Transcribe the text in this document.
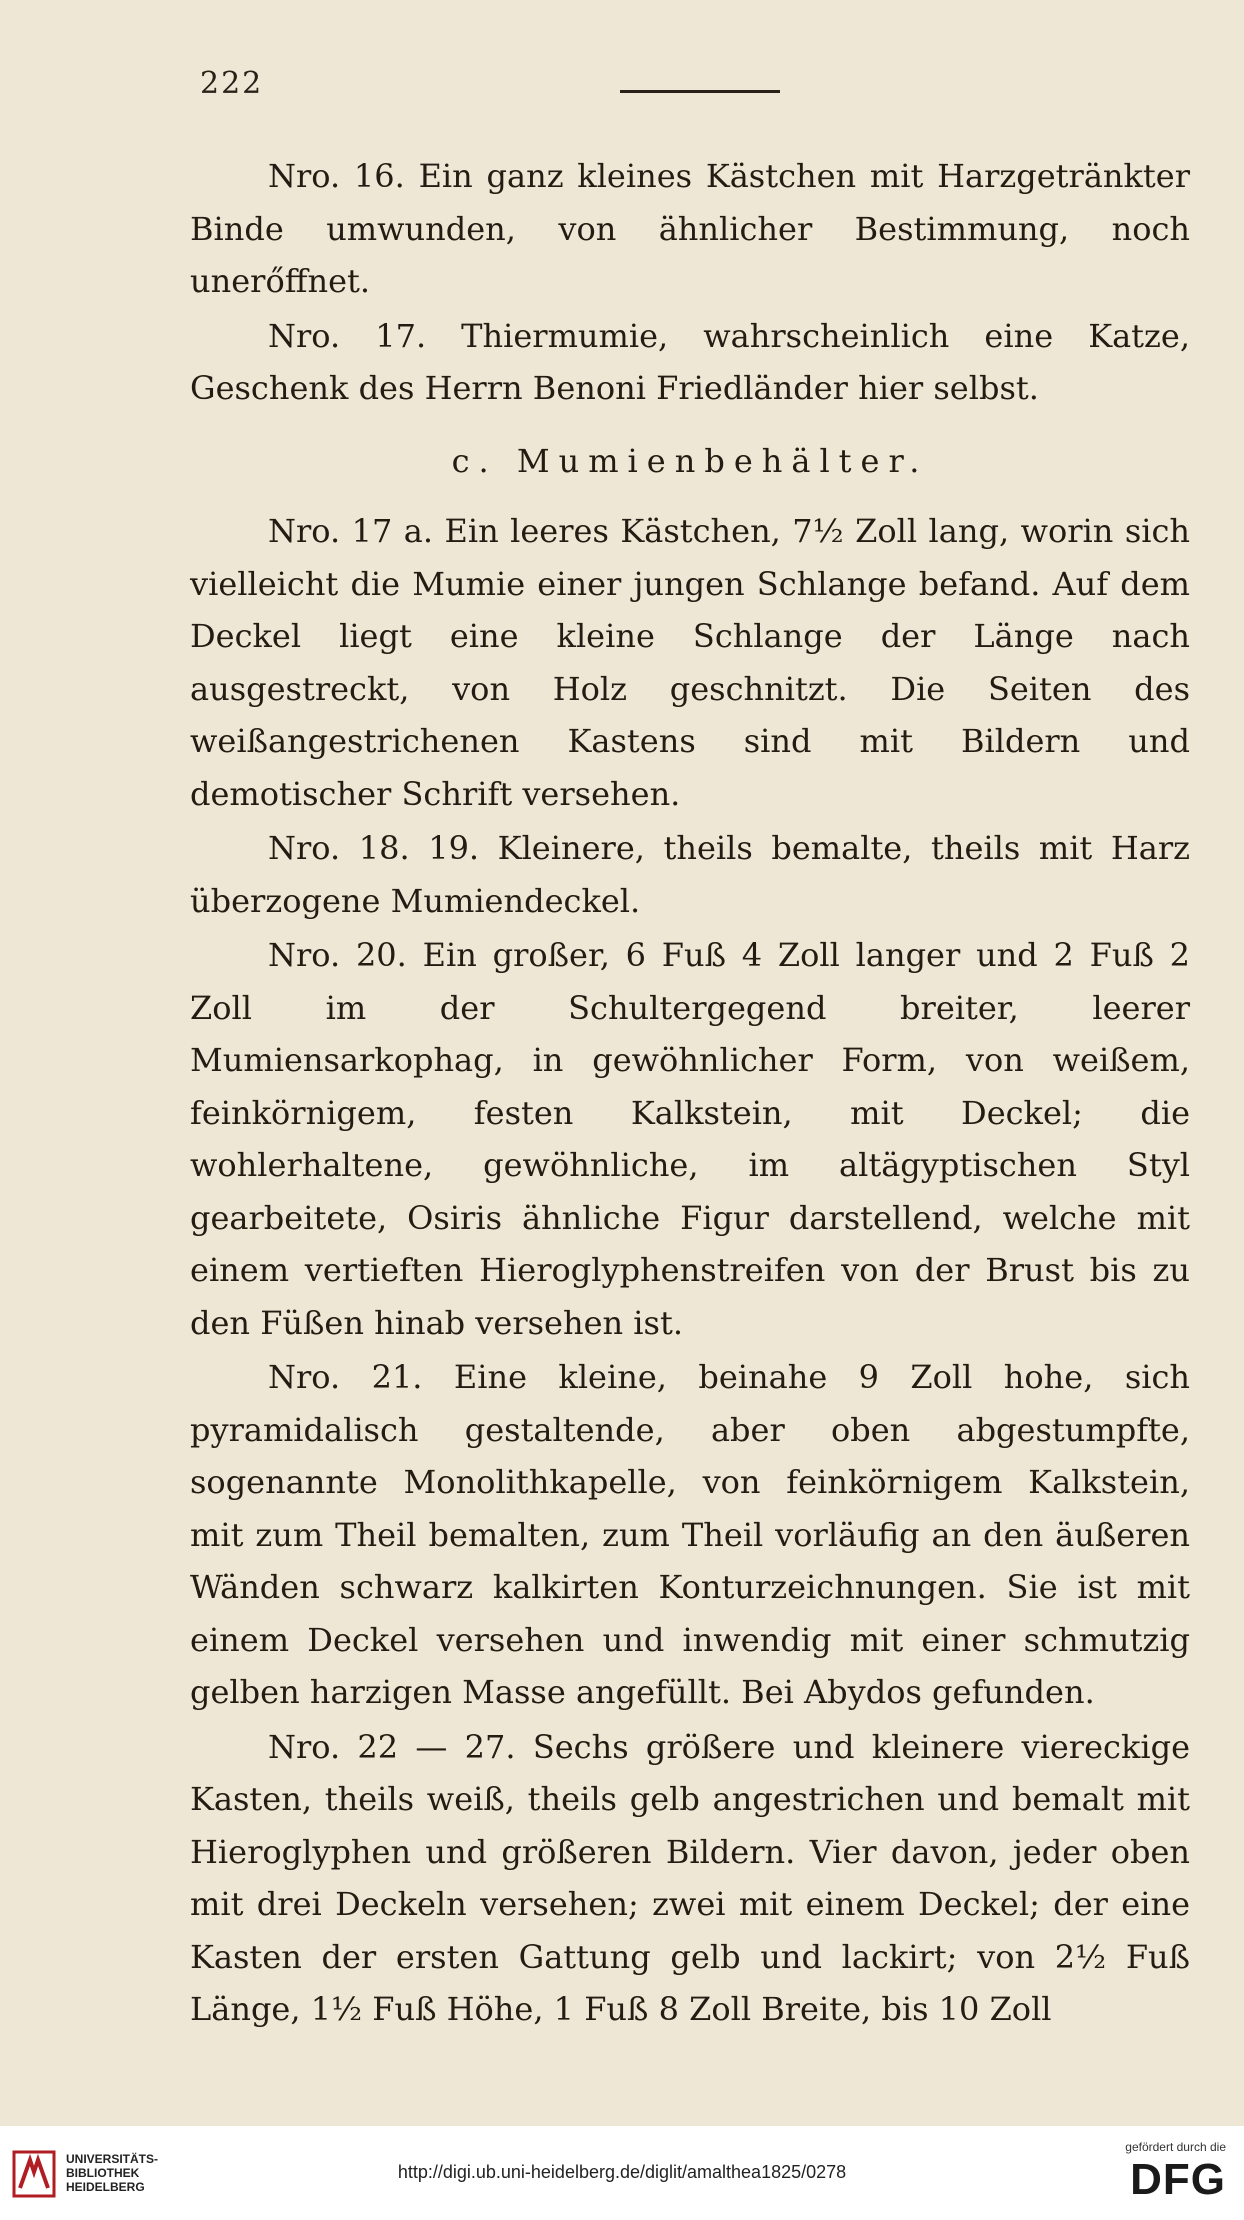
222

Nro. 16. Ein ganz kleines Kästchen mit Harzgetränkter Binde umwunden, von ähnlicher Bestimmung, noch unerőffnet.

Nro. 17. Thiermumie, wahrscheinlich eine Katze, Geschenk des Herrn Benoni Friedländer hier selbst.

c. Mumienbehälter.

Nro. 17 a. Ein leeres Kästchen, 7½ Zoll lang, worin sich vielleicht die Mumie einer jungen Schlange befand. Auf dem Deckel liegt eine kleine Schlange der Länge nach ausgestreckt, von Holz geschnitzt. Die Seiten des weißangestrichenen Kastens sind mit Bildern und demotischer Schrift versehen.

Nro. 18. 19. Kleinere, theils bemalte, theils mit Harz überzogene Mumiendeckel.

Nro. 20. Ein großer, 6 Fuß 4 Zoll langer und 2 Fuß 2 Zoll im der Schultergegend breiter, leerer Mumiensarkophag, in gewöhnlicher Form, von weißem, feinkörnigem, festen Kalkstein, mit Deckel; die wohlerhaltene, gewöhnliche, im altägyptischen Styl gearbeitete, Osiris ähnliche Figur darstellend, welche mit einem vertieften Hieroglyphenstreifen von der Brust bis zu den Füßen hinab versehen ist.

Nro. 21. Eine kleine, beinahe 9 Zoll hohe, sich pyramidalisch gestaltende, aber oben abgestumpfte, sogenannte Monolithkapelle, von feinkörnigem Kalkstein, mit zum Theil bemalten, zum Theil vorläufig an den äußeren Wänden schwarz kalkirten Konturzeichnungen. Sie ist mit einem Deckel versehen und inwendig mit einer schmutzig gelben harzigen Masse angefüllt. Bei Abydos gefunden.

Nro. 22 — 27. Sechs größere und kleinere viereckige Kasten, theils weiß, theils gelb angestrichen und bemalt mit Hieroglyphen und größeren Bildern. Vier davon, jeder oben mit drei Deckeln versehen; zwei mit einem Deckel; der eine Kasten der ersten Gattung gelb und lackirt; von 2½ Fuß Länge, 1½ Fuß Höhe, 1 Fuß 8 Zoll Breite, bis 10 Zoll

UNIVERSITÄTS-
BIBLIOTHEK
HEIDELBERG
http://digi.ub.uni-heidelberg.de/diglit/amalthea1825/0278
gefördert durch die
DFG
